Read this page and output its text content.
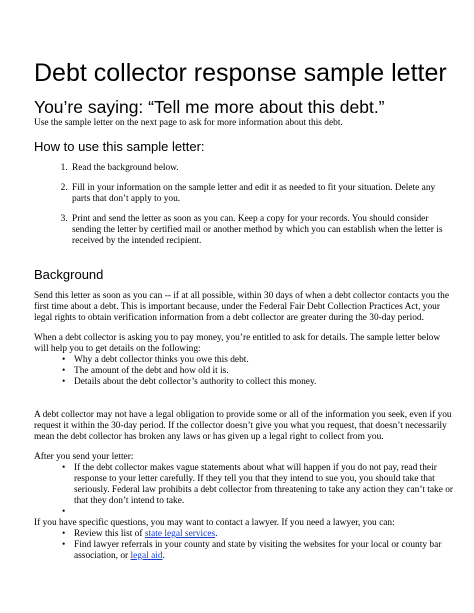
Debt collector response sample letter
You’re saying: “Tell me more about this debt.”

Use the sample letter on the next page to ask for more information about this debt.

How to use this sample letter:
1. Read the background below.
2. Fill in your information on the sample letter and edit it as needed to fit your situation. Delete any parts that don’t apply to you.
3. Print and send the letter as soon as you can. Keep a copy for your records. You should consider sending the letter by certified mail or another method by which you can establish when the letter is received by the intended recipient.
Background

Send this letter as soon as you can -- if at all possible, within 30 days of when a debt collector contacts you the first time about a debt. This is important because, under the Federal Fair Debt Collection Practices Act, your legal rights to obtain verification information from a debt collector are greater during the 30-day period.

When a debt collector is asking you to pay money, you’re entitled to ask for details. The sample letter below will help you to get details on the following:

• Why a debt collector thinks you owe this debt.
• The amount of the debt and how old it is.
• Details about the debt collector’s authority to collect this money.

A debt collector may not have a legal obligation to provide some or all of the information you seek, even if you request it within the 30-day period. If the collector doesn’t give you what you request, that doesn’t necessarily mean the debt collector has broken any laws or has given up a legal right to collect from you.

After you send your letter:

• If the debt collector makes vague statements about what will happen if you do not pay, read their response to your letter carefully. If they tell you that they intend to sue you, you should take that seriously. Federal law prohibits a debt collector from threatening to take any action they can’t take or that they don’t intend to take.
•

If you have specific questions, you may want to contact a lawyer. If you need a lawyer, you can:

• Review this list of state legal services.
• Find lawyer referrals in your county and state by visiting the websites for your local or county bar association, or legal aid.
